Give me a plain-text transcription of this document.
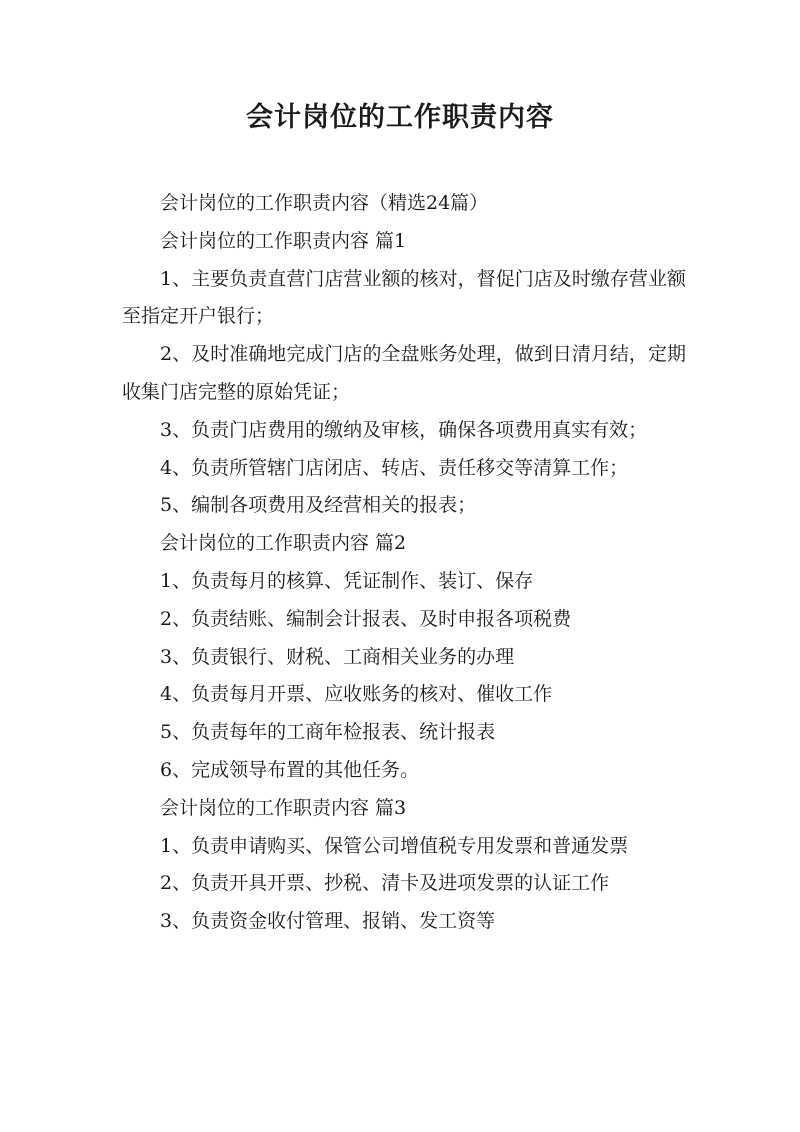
会计岗位的工作职责内容

会计岗位的工作职责内容（精选24篇）

会计岗位的工作职责内容 篇1

1、主要负责直营门店营业额的核对，督促门店及时缴存营业额至指定开户银行；

2、及时准确地完成门店的全盘账务处理，做到日清月结，定期收集门店完整的原始凭证；

3、负责门店费用的缴纳及审核，确保各项费用真实有效；

4、负责所管辖门店闭店、转店、责任移交等清算工作；

5、编制各项费用及经营相关的报表；

会计岗位的工作职责内容 篇2

1、负责每月的核算、凭证制作、装订、保存

2、负责结账、编制会计报表、及时申报各项税费

3、负责银行、财税、工商相关业务的办理

4、负责每月开票、应收账务的核对、催收工作

5、负责每年的工商年检报表、统计报表

6、完成领导布置的其他任务。

会计岗位的工作职责内容 篇3

1、负责申请购买、保管公司增值税专用发票和普通发票

2、负责开具开票、抄税、清卡及进项发票的认证工作

3、负责资金收付管理、报销、发工资等
